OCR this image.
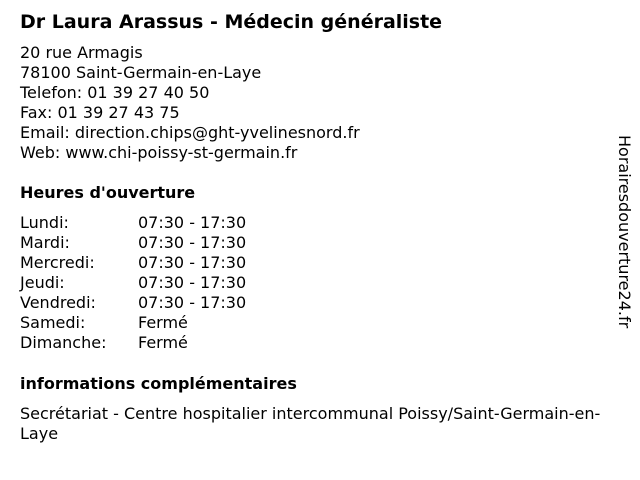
Dr Laura Arassus - Médecin généraliste
20 rue Armagis
78100 Saint-Germain-en-Laye
Telefon: 01 39 27 40 50
Fax: 01 39 27 43 75
Email: direction.chips@ght-yvelinesnord.fr
Web: www.chi-poissy-st-germain.fr
Heures d'ouverture
Lundi:	07:30 - 17:30
Mardi:	07:30 - 17:30
Mercredi:	07:30 - 17:30
Jeudi:	07:30 - 17:30
Vendredi:	07:30 - 17:30
Samedi:	Fermé
Dimanche: Fermé
informations complémentaires
Secrétariat - Centre hospitalier intercommunal Poissy/Saint-Germain-en-Laye
Horairesdouverture24.fr
